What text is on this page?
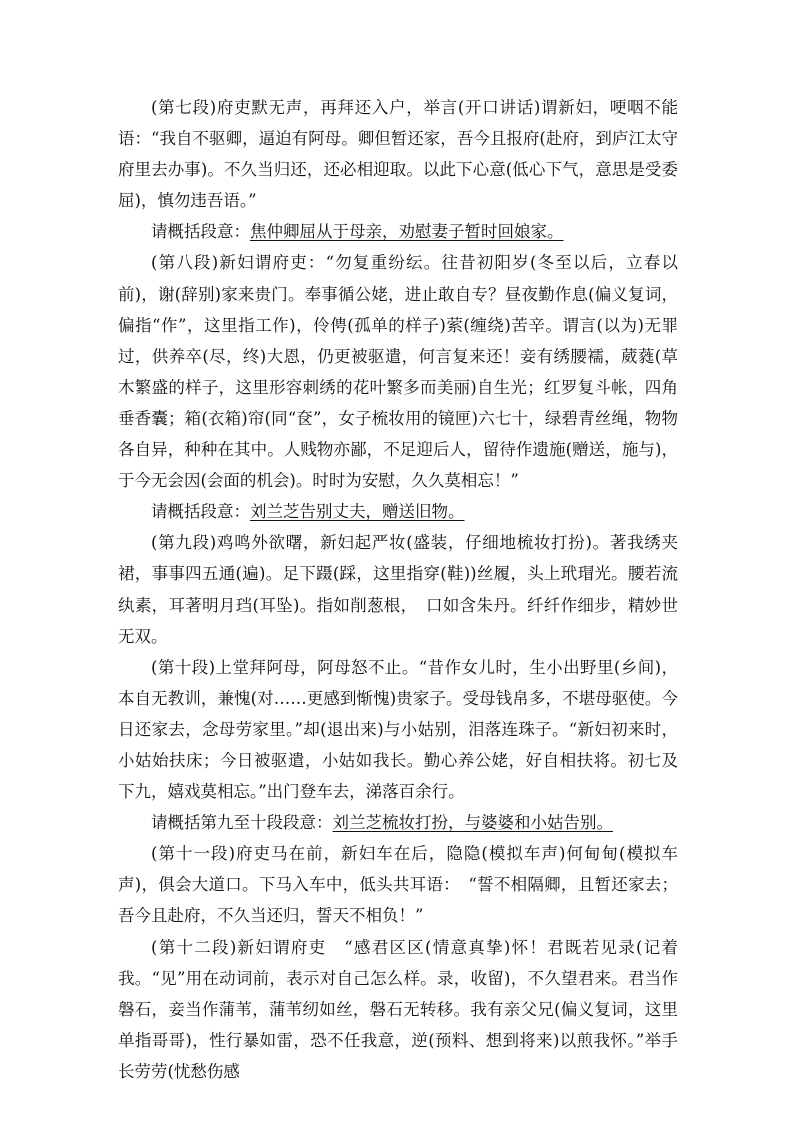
(第七段)府吏默无声，再拜还入户，举言(开口讲话)谓新妇，哽咽不能语：“我自不驱卿，逼迫有阿母。卿但暂还家，吾今且报府(赴府，到庐江太守府里去办事)。不久当归还，还必相迎取。以此下心意(低心下气，意思是受委屈)，慎勿违吾语。”

请概括段意：焦仲卿屈从于母亲，劝慰妻子暂时回娘家。

(第八段)新妇谓府吏：“勿复重纷纭。往昔初阳岁(冬至以后，立春以前)，谢(辞别)家来贵门。奉事循公姥，进止敢自专？昼夜勤作息(偏义复词，偏指“作”，这里指工作)，伶俜(孤单的样子)萦(缠绕)苦辛。谓言(以为)无罪过，供养卒(尽，终)大恩，仍更被驱遣，何言复来还！妾有绣腰襦，葳蕤(草木繁盛的样子，这里形容刺绣的花叶繁多而美丽)自生光；红罗复斗帐，四角垂香囊；箱(衣箱)帘(同“奁”，女子梳妆用的镜匣)六七十，绿碧青丝绳，物物各自异，种种在其中。人贱物亦鄙，不足迎后人，留待作遗施(赠送，施与)，于今无会因(会面的机会)。时时为安慰，久久莫相忘！”

请概括段意：刘兰芝告别丈夫，赠送旧物。

(第九段)鸡鸣外欲曙，新妇起严妆(盛装，仔细地梳妆打扮)。著我绣夹裙，事事四五通(遍)。足下蹑(踩，这里指穿(鞋))丝履，头上玳瑁光。腰若流纨素，耳著明月珰(耳坠)。指如削葱根，　口如含朱丹。纤纤作细步，精妙世无双。

(第十段)上堂拜阿母，阿母怒不止。“昔作女儿时，生小出野里(乡间)，本自无教训，兼愧(对……更感到惭愧)贵家子。受母钱帛多，不堪母驱使。今日还家去，念母劳家里。”却(退出来)与小姑别，泪落连珠子。“新妇初来时，小姑始扶床；今日被驱遣，小姑如我长。勤心养公姥，好自相扶将。初七及下九，嬉戏莫相忘。”出门登车去，涕落百余行。

请概括第九至十段段意：刘兰芝梳妆打扮，与婆婆和小姑告别。

(第十一段)府吏马在前，新妇车在后，隐隐(模拟车声)何甸甸(模拟车声)，俱会大道口。下马入车中，低头共耳语：　“誓不相隔卿，且暂还家去；吾今且赴府，不久当还归，誓天不相负！”

(第十二段)新妇谓府吏　“感君区区(情意真挚)怀！君既若见录(记着我。“见”用在动词前，表示对自己怎么样。录，收留)，不久望君来。君当作磐石，妾当作蒲苇，蒲苇纫如丝，磐石无转移。我有亲父兄(偏义复词，这里单指哥哥)，性行暴如雷，恐不任我意，逆(预料、想到将来)以煎我怀。”举手长劳劳(忧愁伤感
